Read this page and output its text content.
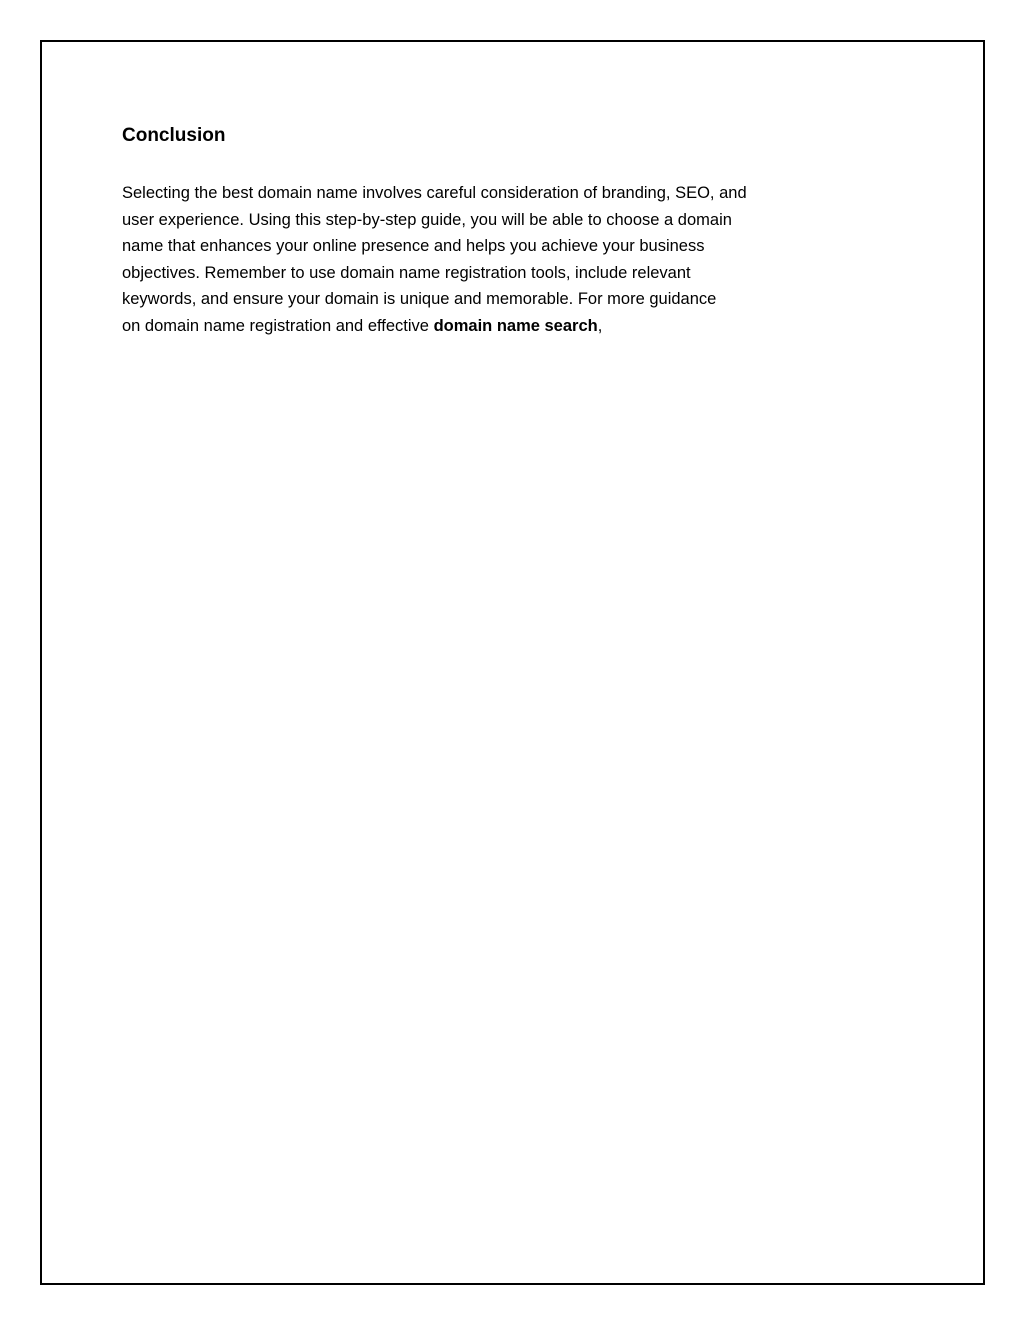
Conclusion

Selecting the best domain name involves careful consideration of branding, SEO, and
user experience. Using this step-by-step guide, you will be able to choose a domain
name that enhances your online presence and helps you achieve your business
objectives. Remember to use domain name registration tools, include relevant
keywords, and ensure your domain is unique and memorable. For more guidance
on domain name registration and effective domain name search,
